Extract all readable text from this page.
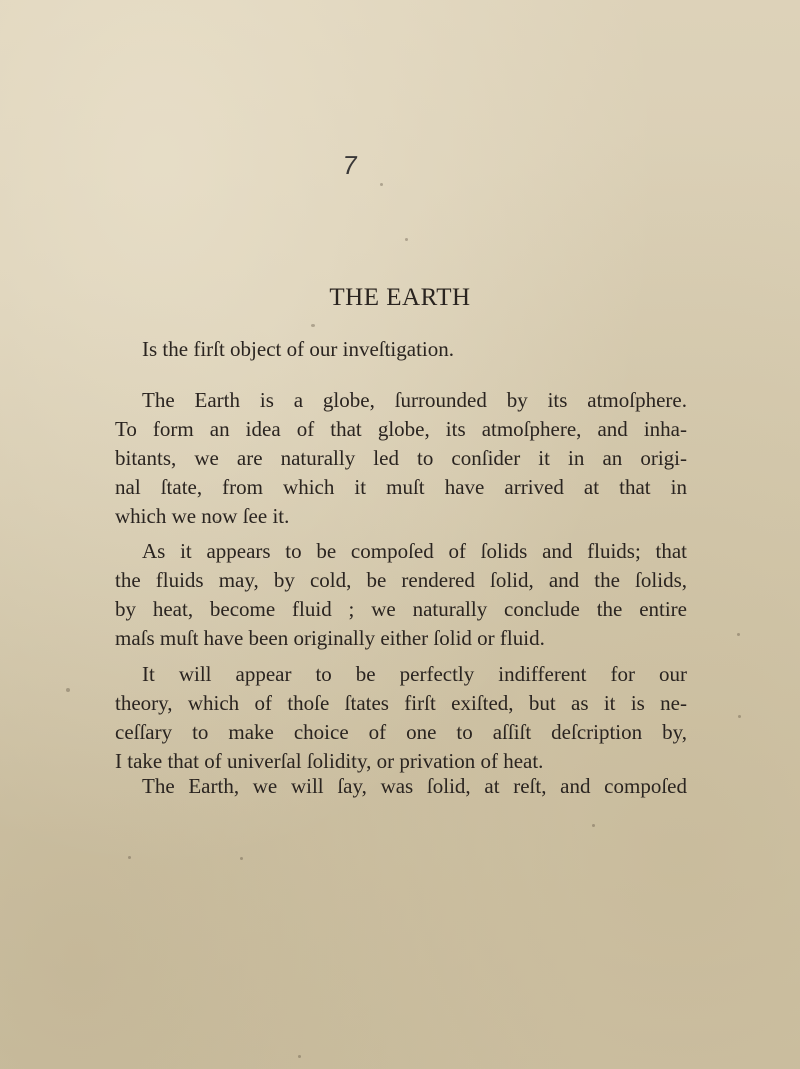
7
THE EARTH
Is the firſt object of our inveſtigation.
The Earth is a globe, ſurrounded by its atmoſphere.
To form an idea of that globe, its atmoſphere, and inha-
bitants, we are naturally led to conſider it in an origi-
nal ſtate, from which it muſt have arrived at that in
which we now ſee it.
As it appears to be compoſed of ſolids and fluids; that
the fluids may, by cold, be rendered ſolid, and the ſolids,
by heat, become fluid ; we naturally conclude the entire
maſs muſt have been originally either ſolid or fluid.
It will appear to be perfectly indifferent for our
theory, which of thoſe ſtates firſt exiſted, but as it is ne-
ceſſary to make choice of one to aſſiſt deſcription by,
I take that of univerſal ſolidity, or privation of heat.
The Earth, we will ſay, was ſolid, at reſt, and compoſed
